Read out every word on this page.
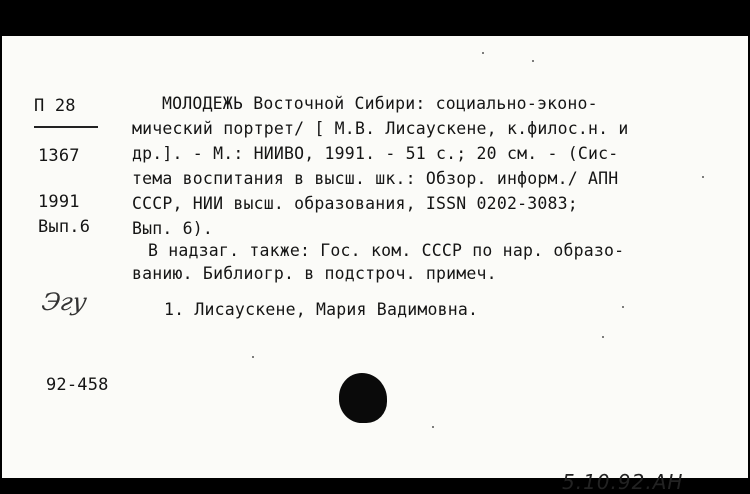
П 28
1367
1991
Вып.6
Эгу
92-458
МОЛОДЕЖЬ Восточной Сибири: социально-эконо-
мический портрет/ [ М.В. Лисаускене, к.филос.н. и
др.]. - М.: НИИВО, 1991. - 51 с.; 20 см. - (Сис-
тема воспитания в высш. шк.: Обзор. информ./ АПН
СССР, НИИ высш. образования, ISSN 0202-3083;
Вып. 6).
В надзаг. также: Гос. ком. СССР по нар. образо-
ванию. Библиогр. в подстроч. примеч.
1. Лисаускене, Мария Вадимовна.
5.10.92.АН
